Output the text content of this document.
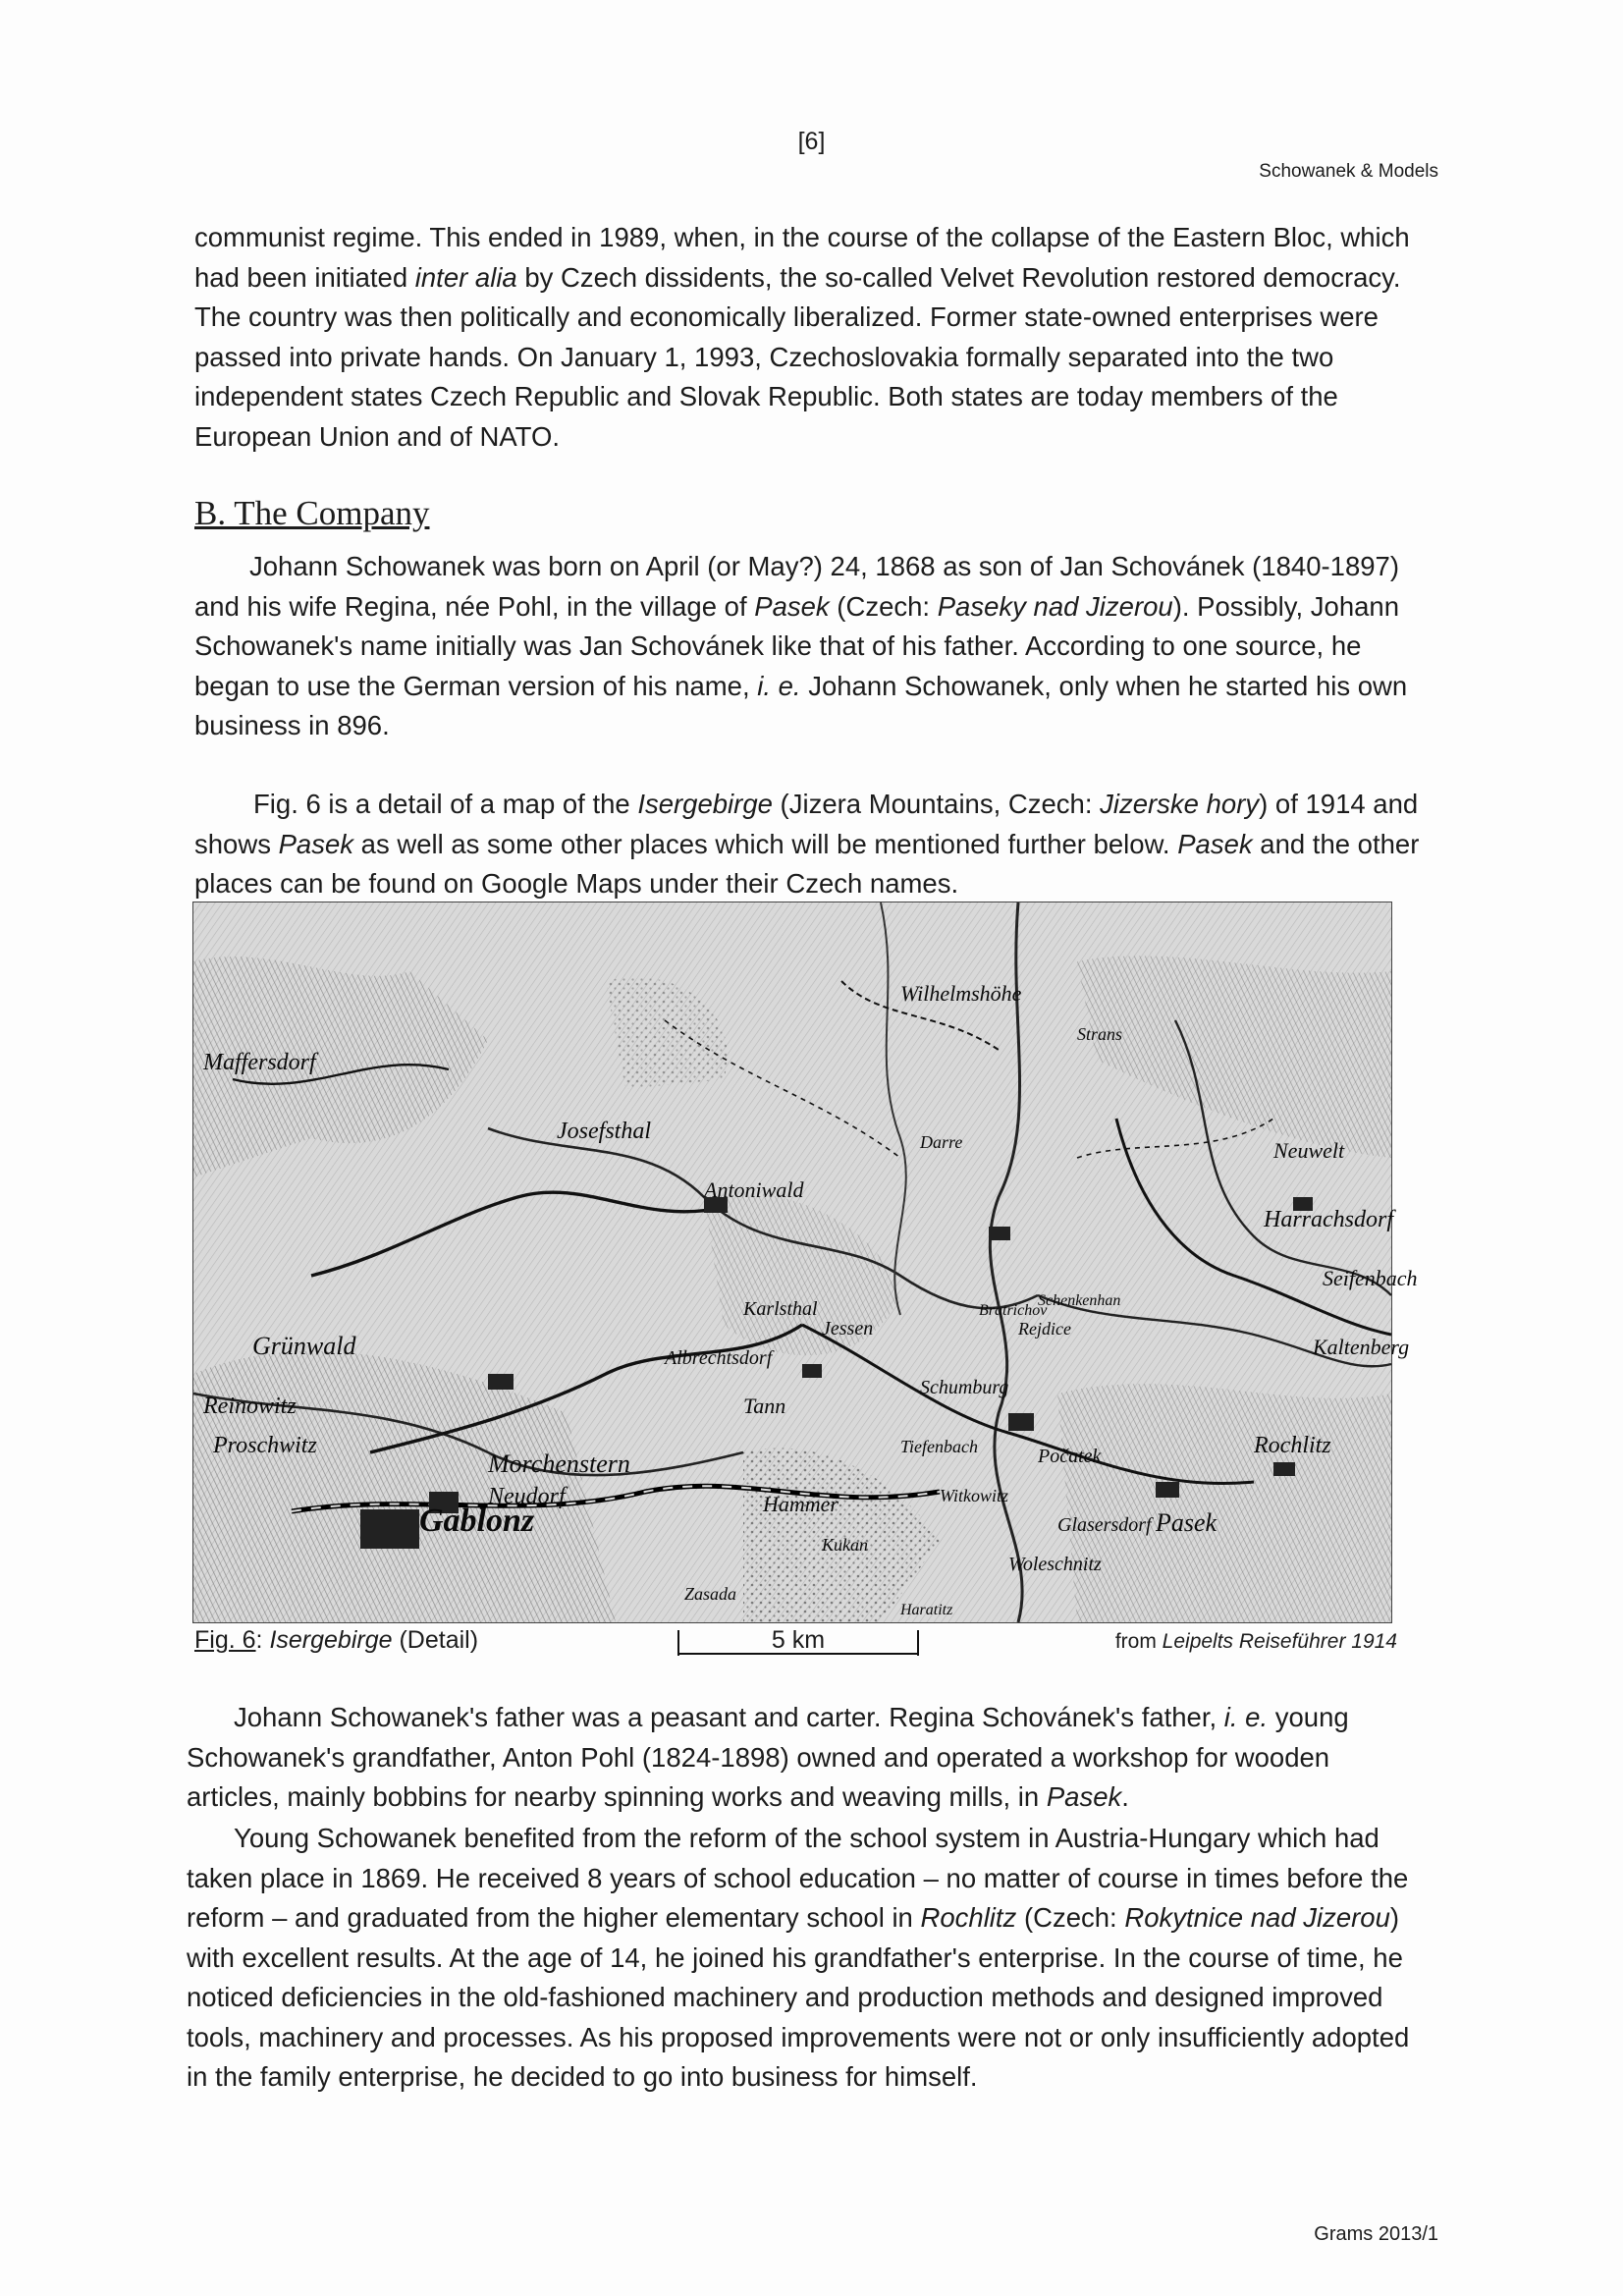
[6]
Schowanek & Models

communist regime. This ended in 1989, when, in the course of the collapse of the Eastern Bloc, which had been initiated inter alia by Czech dissidents, the so-called Velvet Revolution restored democracy. The country was then politically and economically liberalized. Former state-owned enterprises were passed into private hands. On January 1, 1993, Czechoslovakia formally separated into the two independent states Czech Republic and Slovak Republic. Both states are today members of the European Union and of NATO.

B. The Company

Johann Schowanek was born on April (or May?) 24, 1868 as son of Jan Schovánek (1840-1897) and his wife Regina, née Pohl, in the village of Pasek (Czech: Paseky nad Jizerou). Possibly, Johann Schowanek's name initially was Jan Schovánek like that of his father. According to one source, he began to use the German version of his name, i. e. Johann Schowanek, only when he started his own business in 896.

Fig. 6 is a detail of a map of the Isergebirge (Jizera Mountains, Czech: Jizerske hory) of 1914 and shows Pasek as well as some other places which will be mentioned further below. Pasek and the other places can be found on Google Maps under their Czech names.

Gablonz
Grünwald
Maffersdorf
Reinowitz
Proschwitz
Neudorf
Morchenstern
Tann
Schumburg
Tiefenbach
Jessen
Albrechtsdorf
Josefsthal
Antoniwald
Darre
Wilhelmshöhe
Karlsthal
Harrachsdorf
Neuwelt
Witkowitz
Rochlitz
Pasek
Woleschnitz
Glasersdorf
Počatek
Hammer
Kukan
Seifenbach
Kaltenberg
Strans
Rejdice
Bratrichov
Schenkenhan
Zasada
Haratitz
Fig. 6: Isergebirge (Detail)	5 km	from Leipelts Reiseführer 1914

Johann Schowanek's father was a peasant and carter. Regina Schovánek's father, i. e. young Schowanek's grandfather, Anton Pohl (1824-1898) owned and operated a workshop for wooden articles, mainly bobbins for nearby spinning works and weaving mills, in Pasek.

Young Schowanek benefited from the reform of the school system in Austria-Hungary which had taken place in 1869. He received 8 years of school education – no matter of course in times before the reform – and graduated from the higher elementary school in Rochlitz (Czech: Rokytnice nad Jizerou) with excellent results. At the age of 14, he joined his grandfather's enterprise. In the course of time, he noticed deficiencies in the old-fashioned machinery and production methods and designed improved tools, machinery and processes. As his proposed improvements were not or only insufficiently adopted in the family enterprise, he decided to go into business for himself.

Grams 2013/1
